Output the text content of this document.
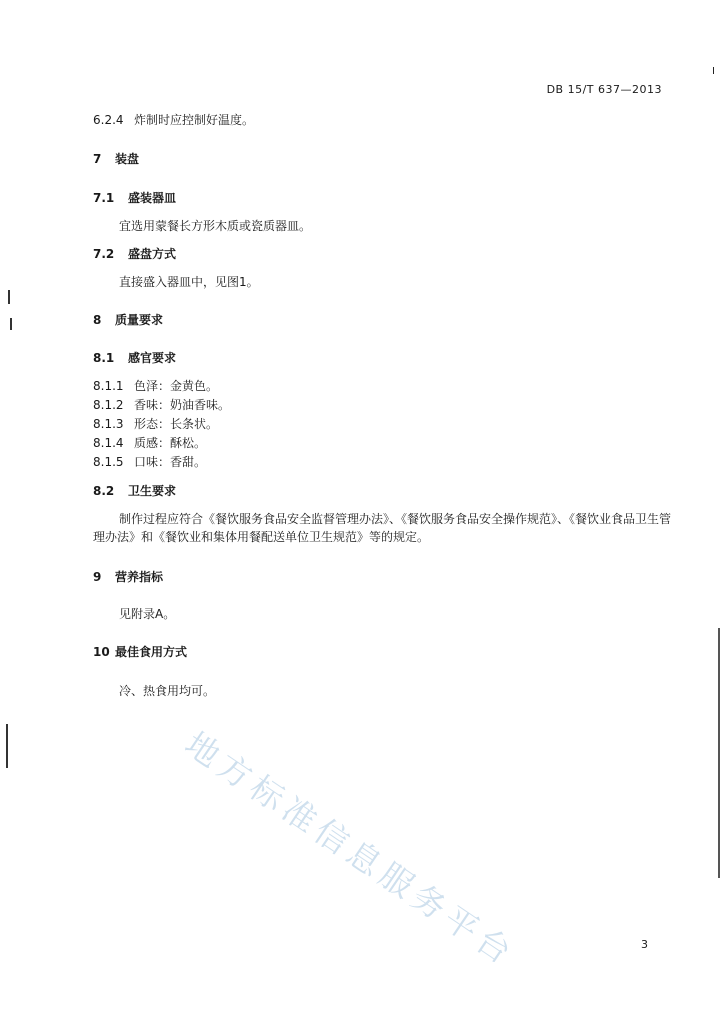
I
DB 15/T 637—2013
6.2.4 炸制时应控制好温度。
7 装盘
7.1 盛装器皿
宜选用蒙餐长方形木质或瓷质器皿。
7.2 盛盘方式
直接盛入器皿中，见图1。
8 质量要求
8.1 感官要求
8.1.1 色泽：金黄色。
8.1.2 香味：奶油香味。
8.1.3 形态：长条状。
8.1.4 质感：酥松。
8.1.5 口味：香甜。
8.2 卫生要求
制作过程应符合《餐饮服务食品安全监督管理办法》、《餐饮服务食品安全操作规范》、《餐饮业食品卫生管理办法》和《餐饮业和集体用餐配送单位卫生规范》等的规定。
9 营养指标
见附录A。
10 最佳食用方式
冷、热食用均可。
地方标准信息服务平台	3
